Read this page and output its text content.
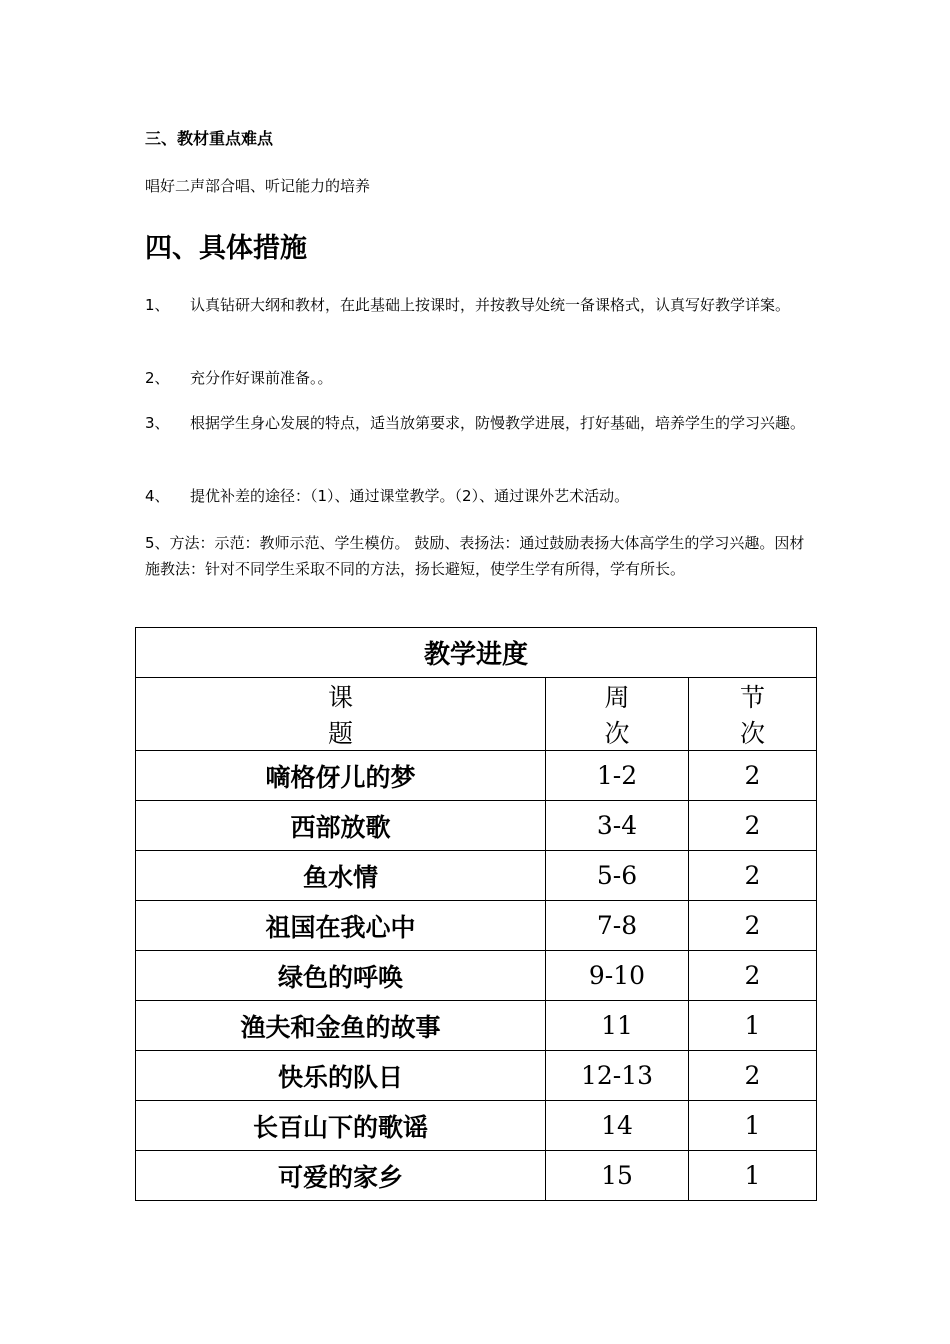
三、教材重点难点
唱好二声部合唱、听记能力的培养
四、具体措施
1、 认真钻研大纲和教材，在此基础上按课时，并按教导处统一备课格式，认真写好教学详案。
2、 充分作好课前准备。。
3、 根据学生身心发展的特点，适当放第要求，防慢教学进展，打好基础，培养学生的学习兴趣。
4、 提优补差的途径：（1）、通过课堂教学。（2）、通过课外艺术活动。
5、方法：示范：教师示范、学生模仿。 鼓励、表扬法：通过鼓励表扬大体高学生的学习兴趣。因材施教法：针对不同学生采取不同的方法，扬长避短，使学生学有所得，学有所长。
教学进度		
课题	周次	节次
嘀格伢儿的梦	1-2	2
西部放歌	3-4	2
鱼水情	5-6	2
祖国在我心中	7-8	2
绿色的呼唤	9-10	2
渔夫和金鱼的故事	11	1
快乐的队日	12-13	2
长百山下的歌谣	14	1
可爱的家乡	15	1
